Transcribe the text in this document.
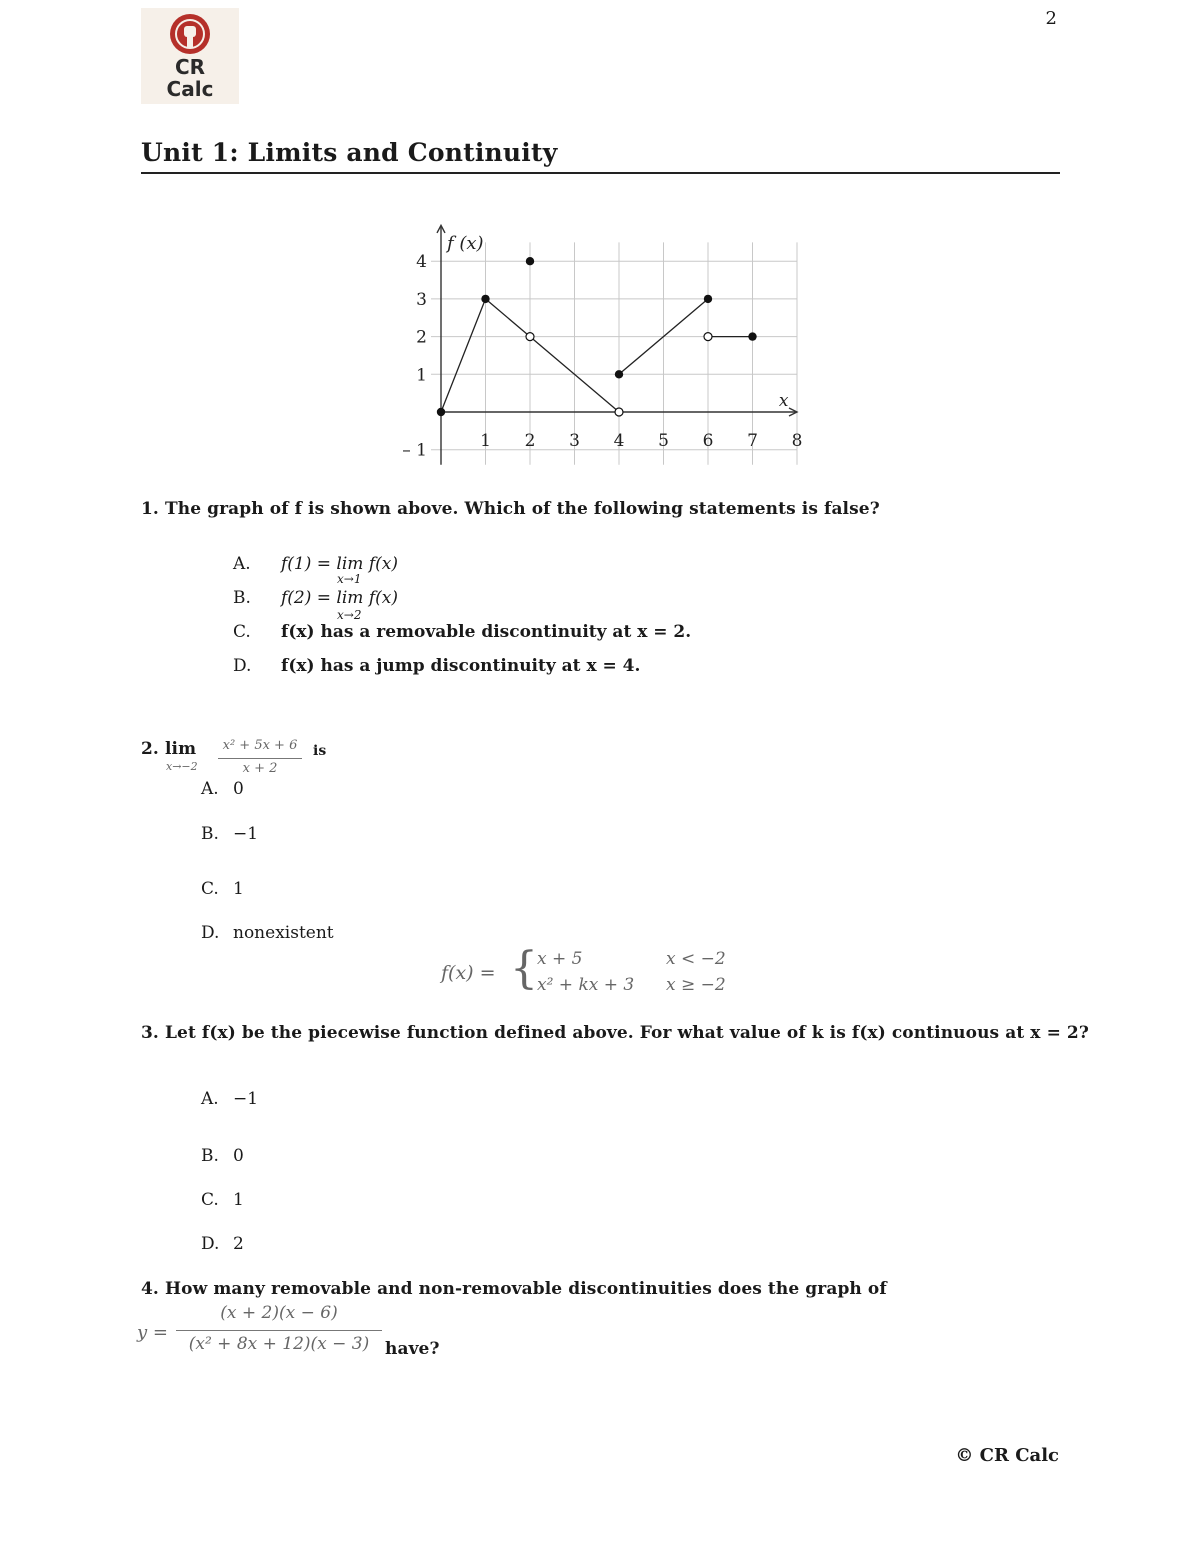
2
CR
Calc
Unit 1: Limits and Continuity
1 2 3 4 5 6 7 8
4
3
2
1
– 1
f (x)
x
1. The graph of f is shown above. Which of the following statements is false?
A. f(1) = lim f(x)
x→1
B. f(2) = lim f(x)
x→2
C. f(x) has a removable discontinuity at x = 2.
D. f(x) has a jump discontinuity at x = 4.
2. lim
x→−2
x² + 5x + 6
x + 2
is
A. 0
B. −1
C. 1
D. nonexistent
f(x) = { x + 5	x < −2
x² + kx + 3 x ≥ −2
3. Let f(x) be the piecewise function defined above. For what value of k is f(x) continuous at x = 2?
A. −1
B. 0
C. 1
D. 2
4. How many removable and non-removable discontinuities does the graph of
y =
(x + 2)(x − 6)
(x² + 8x + 12)(x − 3) have?
© CR Calc
